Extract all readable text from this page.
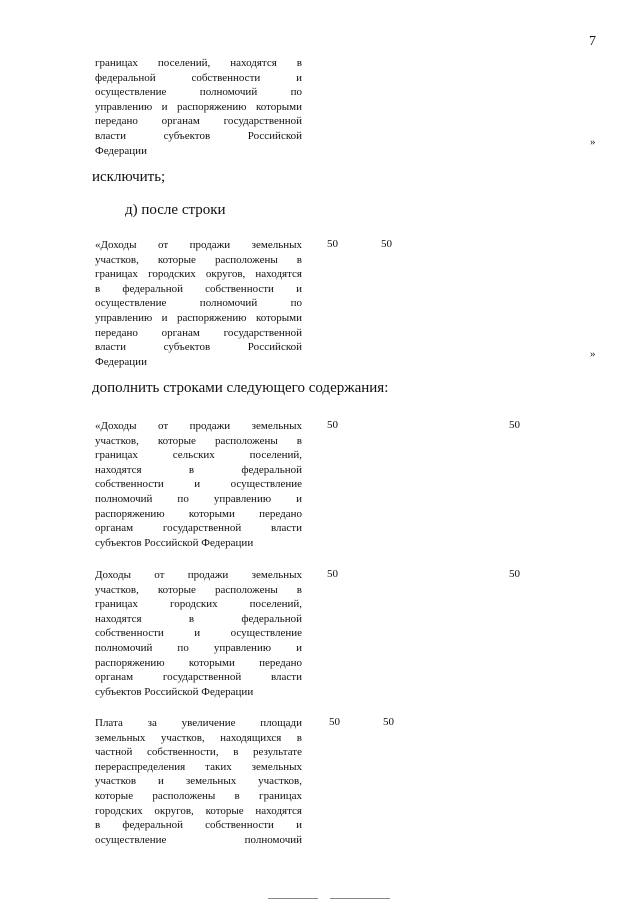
7
границах поселений, находятся в
федеральной собственности и
осуществление полномочий по
управлению и распоряжению которыми
передано органам государственной
власти субъектов Российской
Федерации
»
исключить;
д) после строки
«Доходы от продажи земельных
участков, которые расположены в
границах городских округов, находятся
в федеральной собственности и
осуществление полномочий по
управлению и распоряжению которыми
передано органам государственной
власти субъектов Российской
Федерации
50	50
»
дополнить строками следующего содержания:
«Доходы от продажи земельных
участков, которые расположены в
границах сельских поселений,
находятся в федеральной
собственности и осуществление
полномочий по управлению и
распоряжению которыми передано
органам государственной власти
субъектов Российской Федерации
50	50
Доходы от продажи земельных
участков, которые расположены в
границах городских поселений,
находятся в федеральной
собственности и осуществление
полномочий по управлению и
распоряжению которыми передано
органам государственной власти
субъектов Российской Федерации
50	50
Плата за увеличение площади
земельных участков, находящихся в
частной собственности, в результате
перераспределения таких земельных
участков и земельных участков,
которые расположены в границах
городских округов, которые находятся
в федеральной собственности и
осуществление полномочий
50	50
